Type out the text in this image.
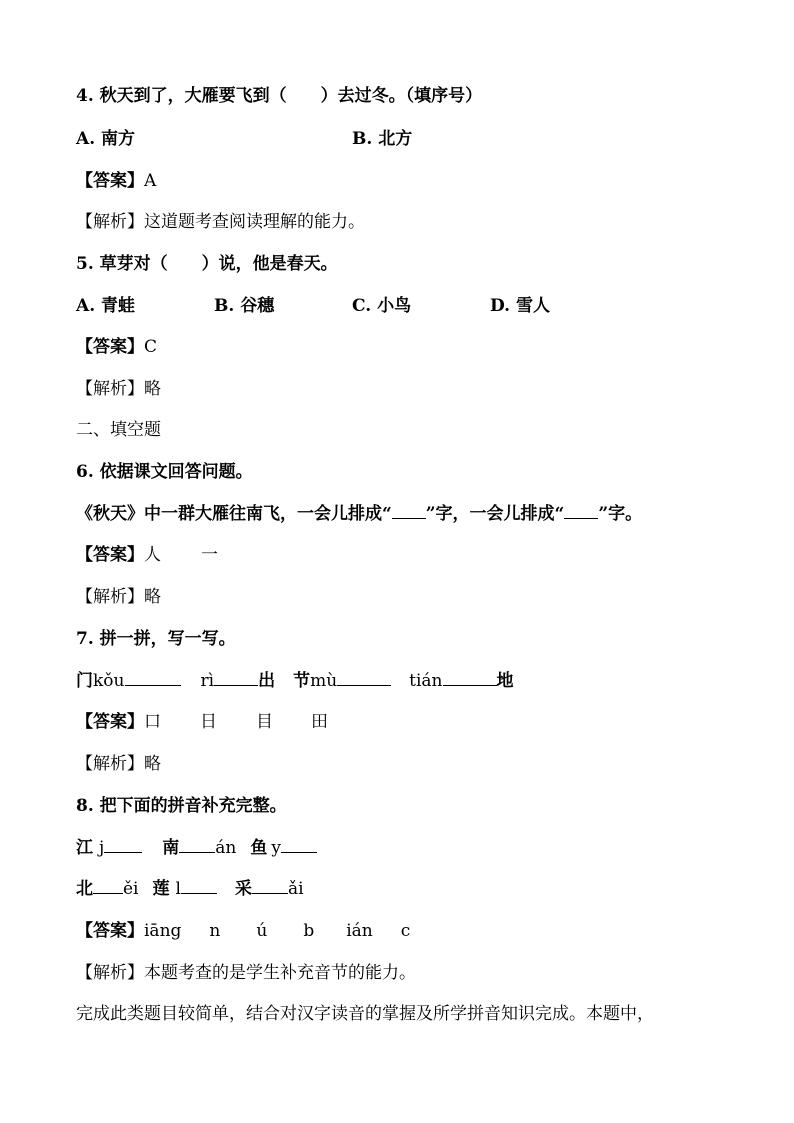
4. 秋天到了，大雁要飞到（　　）去过冬。（填序号）
A. 南方	B. 北方
【答案】A
【解析】这道题考查阅读理解的能力。
5. 草芽对（　　）说，他是春天。
A. 青蛙	B. 谷穗	C. 小鸟	D. 雪人
【答案】C
【解析】略
二、填空题
6. 依据课文回答问题。
《秋天》中一群大雁往南飞，一会儿排成“ ”字，一会儿排成“ ”字。
【答案】人 一
【解析】略
7. 拼一拼，写一写。
门kǒu	rì	出 节mù	tián	地
【答案】口 日 目 田
【解析】略
8. 把下面的拼音补充完整。
江 j	南 án 鱼 y
北 ěi 莲 l	采 ǎi
【答案】iāng n ú b ián c
【解析】本题考查的是学生补充音节的能力。
完成此类题目较简单，结合对汉字读音的掌握及所学拼音知识完成。本题中，
